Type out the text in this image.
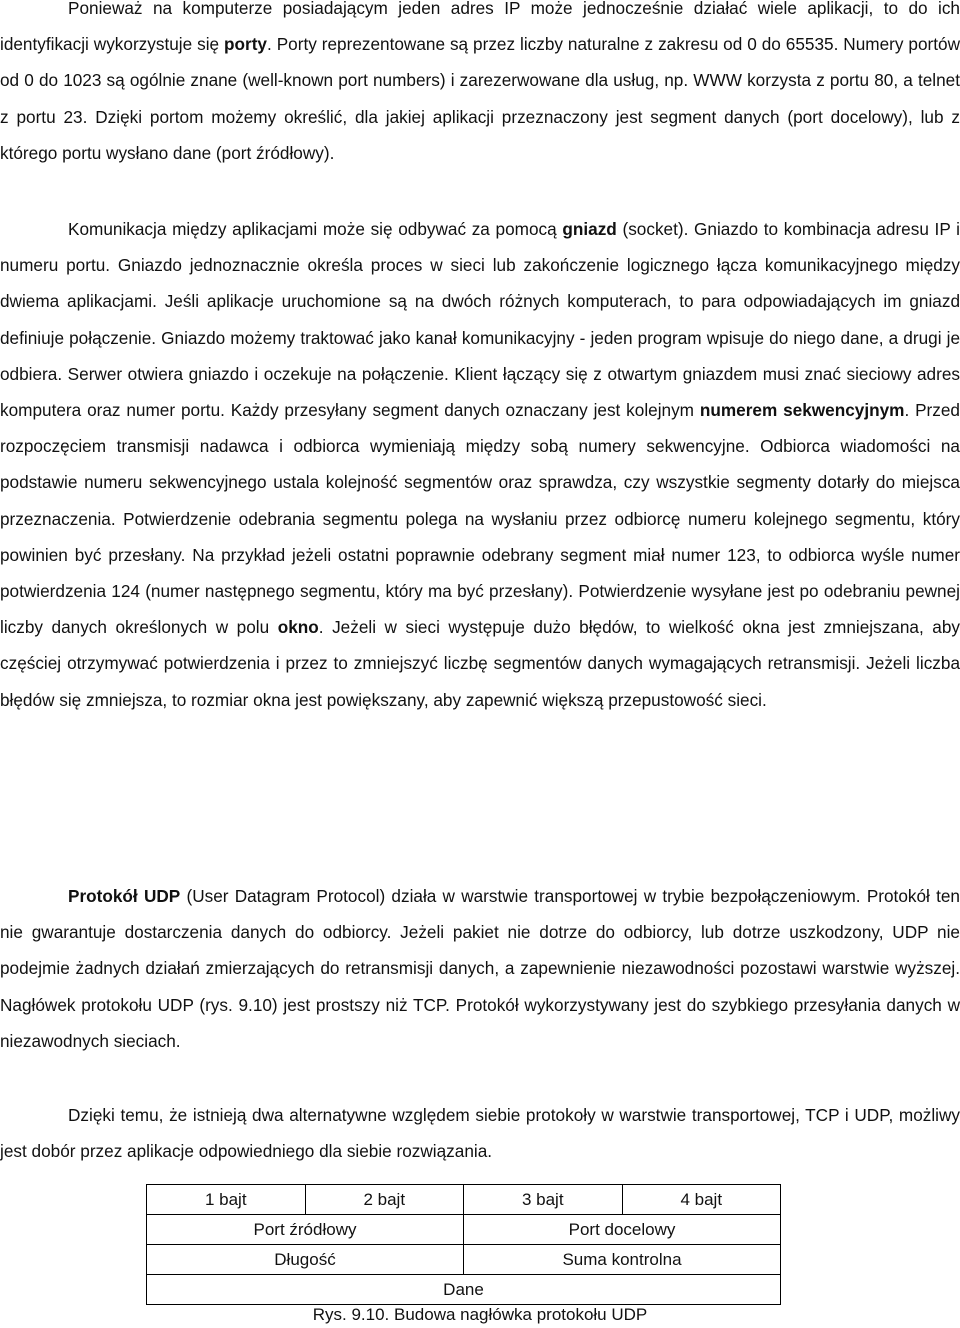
Ponieważ na komputerze posiadającym jeden adres IP może jednocześnie działać wiele aplikacji, to do ich identyfikacji wykorzystuje się porty. Porty reprezentowane są przez liczby naturalne z zakresu od 0 do 65535. Numery portów od 0 do 1023 są ogólnie znane (well-known port numbers) i zarezerwowane dla usług, np. WWW korzysta z portu 80, a telnet z portu 23. Dzięki portom możemy określić, dla jakiej aplikacji przeznaczony jest segment danych (port docelowy), lub z którego portu wysłano dane (port źródłowy).

Komunikacja między aplikacjami może się odbywać za pomocą gniazd (socket). Gniazdo to kombinacja adresu IP i numeru portu. Gniazdo jednoznacznie określa proces w sieci lub zakończenie logicznego łącza komunikacyjnego między dwiema aplikacjami. Jeśli aplikacje uruchomione są na dwóch różnych komputerach, to para odpowiadających im gniazd definiuje połączenie. Gniazdo możemy traktować jako kanał komunikacyjny - jeden program wpisuje do niego dane, a drugi je odbiera. Serwer otwiera gniazdo i oczekuje na połączenie. Klient łączący się z otwartym gniazdem musi znać sieciowy adres komputera oraz numer portu. Każdy przesyłany segment danych oznaczany jest kolejnym numerem sekwencyjnym. Przed rozpoczęciem transmisji nadawca i odbiorca wymieniają między sobą numery sekwencyjne. Odbiorca wiadomości na podstawie numeru sekwencyjnego ustala kolejność segmentów oraz sprawdza, czy wszystkie segmenty dotarły do miejsca przeznaczenia. Potwierdzenie odebrania segmentu polega na wysłaniu przez odbiorcę numeru kolejnego segmentu, który powinien być przesłany. Na przykład jeżeli ostatni poprawnie odebrany segment miał numer 123, to odbiorca wyśle numer potwierdzenia 124 (numer następnego segmentu, który ma być przesłany). Potwierdzenie wysyłane jest po odebraniu pewnej liczby danych określonych w polu okno. Jeżeli w sieci występuje dużo błędów, to wielkość okna jest zmniejszana, aby częściej otrzymywać potwierdzenia i przez to zmniejszyć liczbę segmentów danych wymagających retransmisji. Jeżeli liczba błędów się zmniejsza, to rozmiar okna jest powiększany, aby zapewnić większą przepustowość sieci.

Protokół UDP (User Datagram Protocol) działa w warstwie transportowej w trybie bezpołączeniowym. Protokół ten nie gwarantuje dostarczenia danych do odbiorcy. Jeżeli pakiet nie dotrze do odbiorcy, lub dotrze uszkodzony, UDP nie podejmie żadnych działań zmierzających do retransmisji danych, a zapewnienie niezawodności pozostawi warstwie wyższej. Nagłówek protokołu UDP (rys. 9.10) jest prostszy niż TCP. Protokół wykorzystywany jest do szybkiego przesyłania danych w niezawodnych sieciach.

Dzięki temu, że istnieją dwa alternatywne względem siebie protokoły w warstwie transportowej, TCP i UDP, możliwy jest dobór przez aplikacje odpowiedniego dla siebie rozwiązania.

1 bajt	2 bajt	3 bajt	4 bajt
Port źródłowy		Port docelowy	
Długość		Suma kontrolna	
Dane			
Rys. 9.10. Budowa nagłówka protokołu UDP
